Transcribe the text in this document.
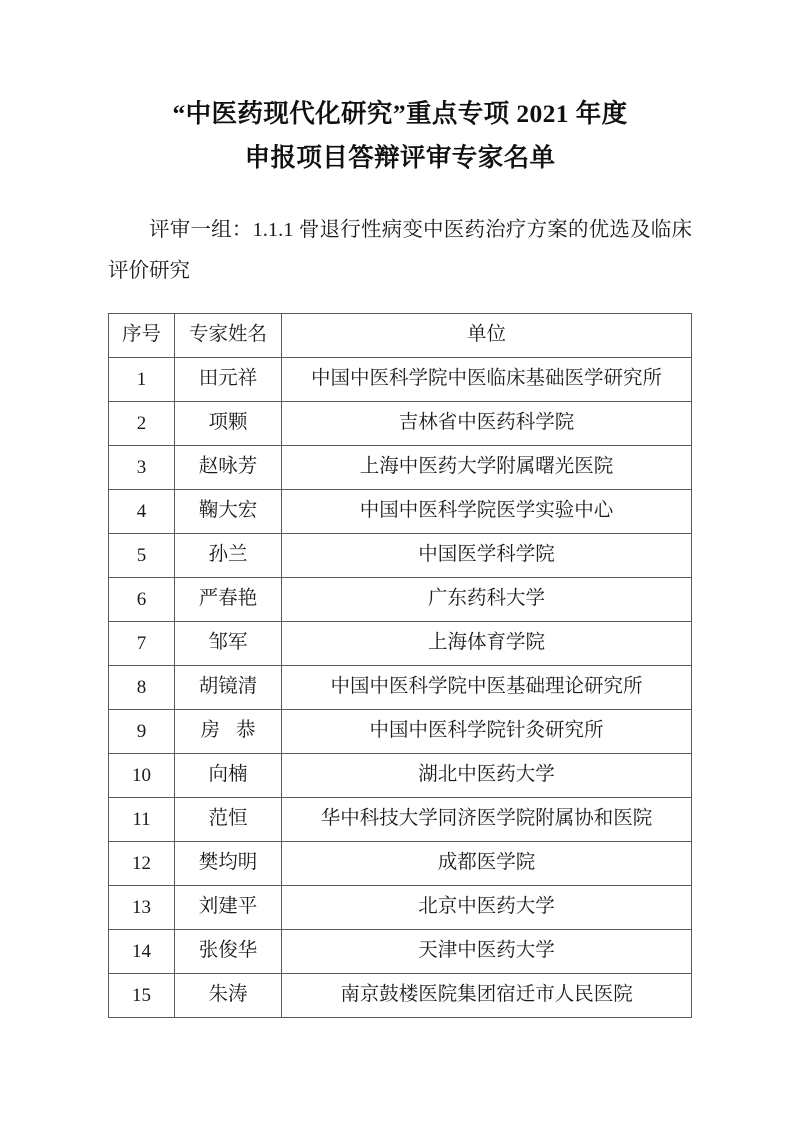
“中医药现代化研究”重点专项 2021 年度
申报项目答辩评审专家名单

评审一组：1.1.1 骨退行性病变中医药治疗方案的优选及临床评价研究

序号	专家姓名	单位
1	田元祥	中国中医科学院中医临床基础医学研究所
2	项颗	吉林省中医药科学院
3	赵咏芳	上海中医药大学附属曙光医院
4	鞠大宏	中国中医科学院医学实验中心
5	孙兰	中国医学科学院
6	严春艳	广东药科大学
7	邹军	上海体育学院
8	胡镜清	中国中医科学院中医基础理论研究所
9	房恭	中国中医科学院针灸研究所
10	向楠	湖北中医药大学
11	范恒	华中科技大学同济医学院附属协和医院
12	樊均明	成都医学院
13	刘建平	北京中医药大学
14	张俊华	天津中医药大学
15	朱涛	南京鼓楼医院集团宿迁市人民医院
